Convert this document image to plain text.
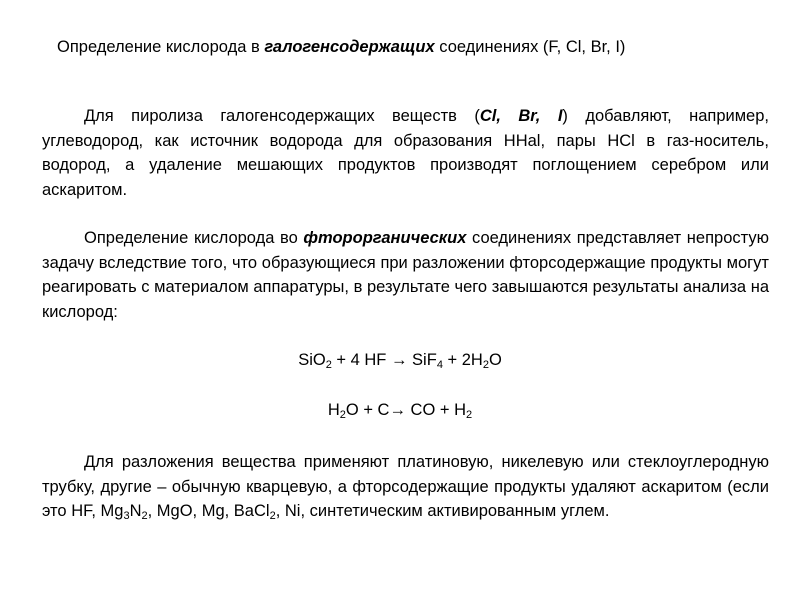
Определение кислорода в галогенсодержащих соединениях (F, Cl, Br, I)
Для пиролиза галогенсодержащих веществ (Cl, Br, I) добавляют, например, углеводород, как источник водорода для образования HHal, пары HCl в газ-носитель, водород, а удаление мешающих продуктов производят поглощением серебром или аскаритом.
Определение кислорода во фторорганических соединениях представляет непростую задачу вследствие того, что образующиеся при разложении фторсодержащие продукты могут реагировать с материалом аппаратуры, в результате чего завышаются результаты анализа на кислород:
SiO$_2$ + 4 HF → $SiF_4 + 2H_2O$
$H_2O + C\to$ CO + $H_2$
Для разложения вещества применяют платиновую, никелевую или стеклоуглеродную трубку, другие – обычную кварцевую, а фторсодержащие продукты удаляют аскаритом (если это HF, $Mg_3N_2$, MgO, Mg, BaCl$_2$, Ni, синтетическим активированным углем.
